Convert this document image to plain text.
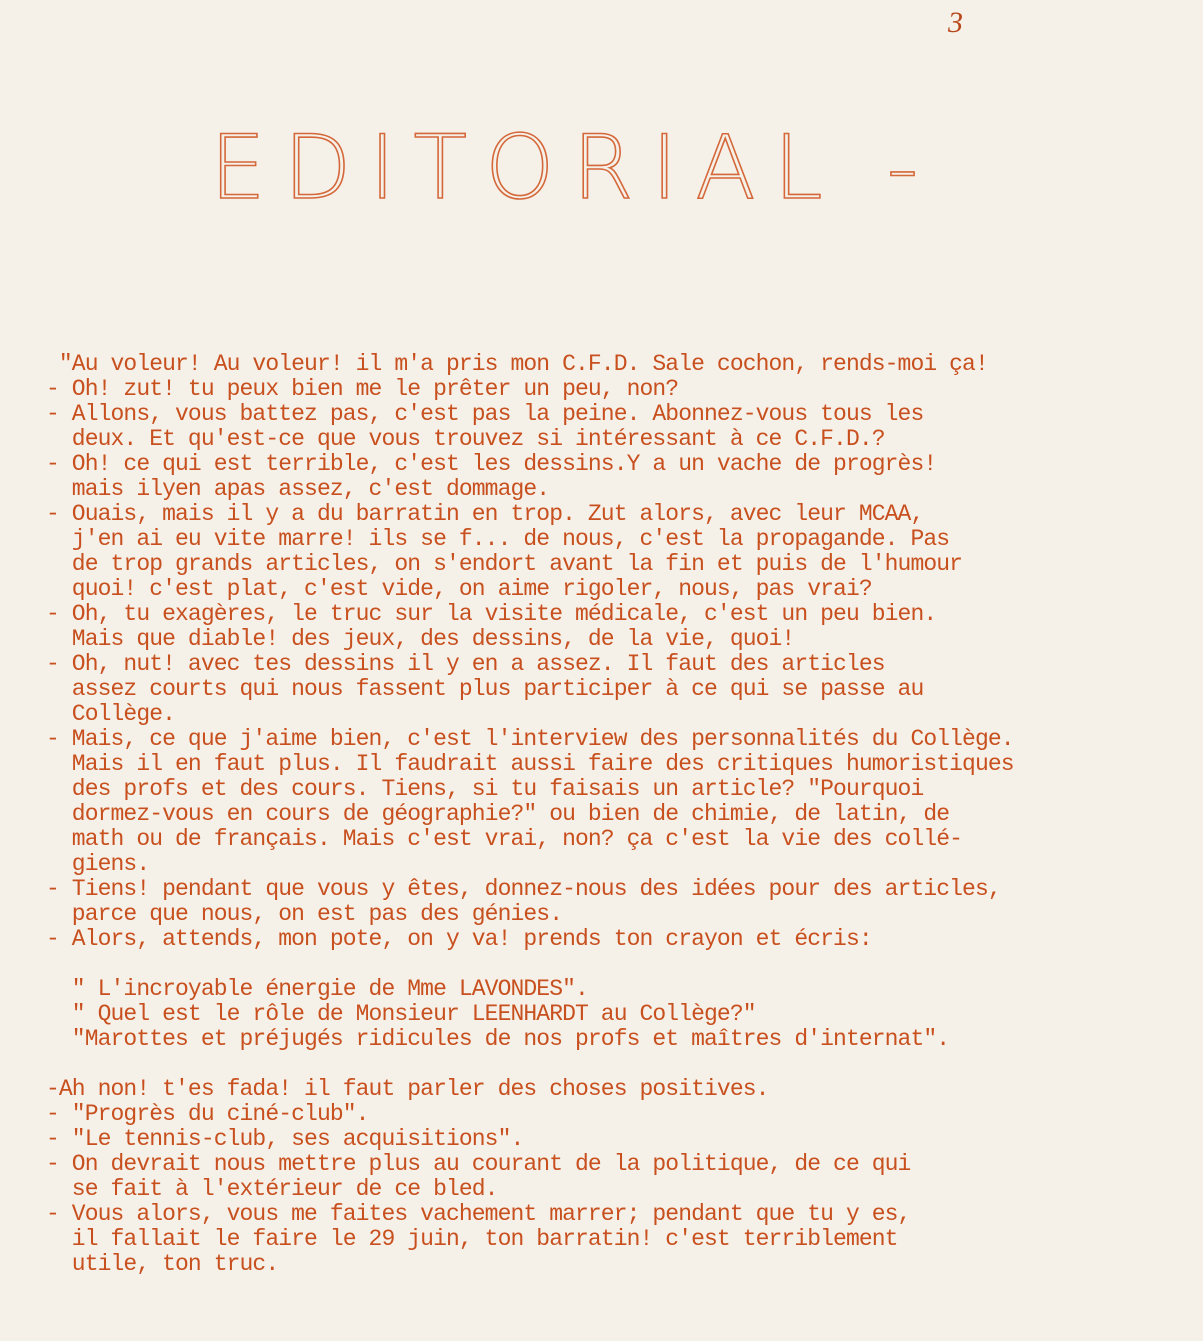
3
EDITORIAL -
"Au voleur! Au voleur! il m'a pris mon C.F.D. Sale cochon, rends-moi ça!
- Oh! zut! tu peux bien me le prêter un peu, non?
- Allons, vous battez pas, c'est pas la peine. Abonnez-vous tous les
deux. Et qu'est-ce que vous trouvez si intéressant à ce C.F.D.?
- Oh! ce qui est terrible, c'est les dessins.Y a un vache de progrès!
mais ilyen apas assez, c'est dommage.
- Ouais, mais il y a du barratin en trop. Zut alors, avec leur MCAA,
j'en ai eu vite marre! ils se f... de nous, c'est la propagande. Pas
de trop grands articles, on s'endort avant la fin et puis de l'humour
quoi! c'est plat, c'est vide, on aime rigoler, nous, pas vrai?
- Oh, tu exagères, le truc sur la visite médicale, c'est un peu bien.
Mais que diable! des jeux, des dessins, de la vie, quoi!
- Oh, nut! avec tes dessins il y en a assez. Il faut des articles
assez courts qui nous fassent plus participer à ce qui se passe au
Collège.
- Mais, ce que j'aime bien, c'est l'interview des personnalités du Collège.
Mais il en faut plus. Il faudrait aussi faire des critiques humoristiques
des profs et des cours. Tiens, si tu faisais un article? "Pourquoi
dormez-vous en cours de géographie?" ou bien de chimie, de latin, de
math ou de français. Mais c'est vrai, non? ça c'est la vie des collé-
giens.
- Tiens! pendant que vous y êtes, donnez-nous des idées pour des articles,
parce que nous, on est pas des génies.
- Alors, attends, mon pote, on y va! prends ton crayon et écris:
" L'incroyable énergie de Mme LAVONDES".
" Quel est le rôle de Monsieur LEENHARDT au Collège?"
"Marottes et préjugés ridicules de nos profs et maîtres d'internat".
-Ah non! t'es fada! il faut parler des choses positives.
- "Progrès du ciné-club".
- "Le tennis-club, ses acquisitions".
- On devrait nous mettre plus au courant de la politique, de ce qui
se fait à l'extérieur de ce bled.
- Vous alors, vous me faites vachement marrer; pendant que tu y es,
il fallait le faire le 29 juin, ton barratin! c'est terriblement
utile, ton truc.
